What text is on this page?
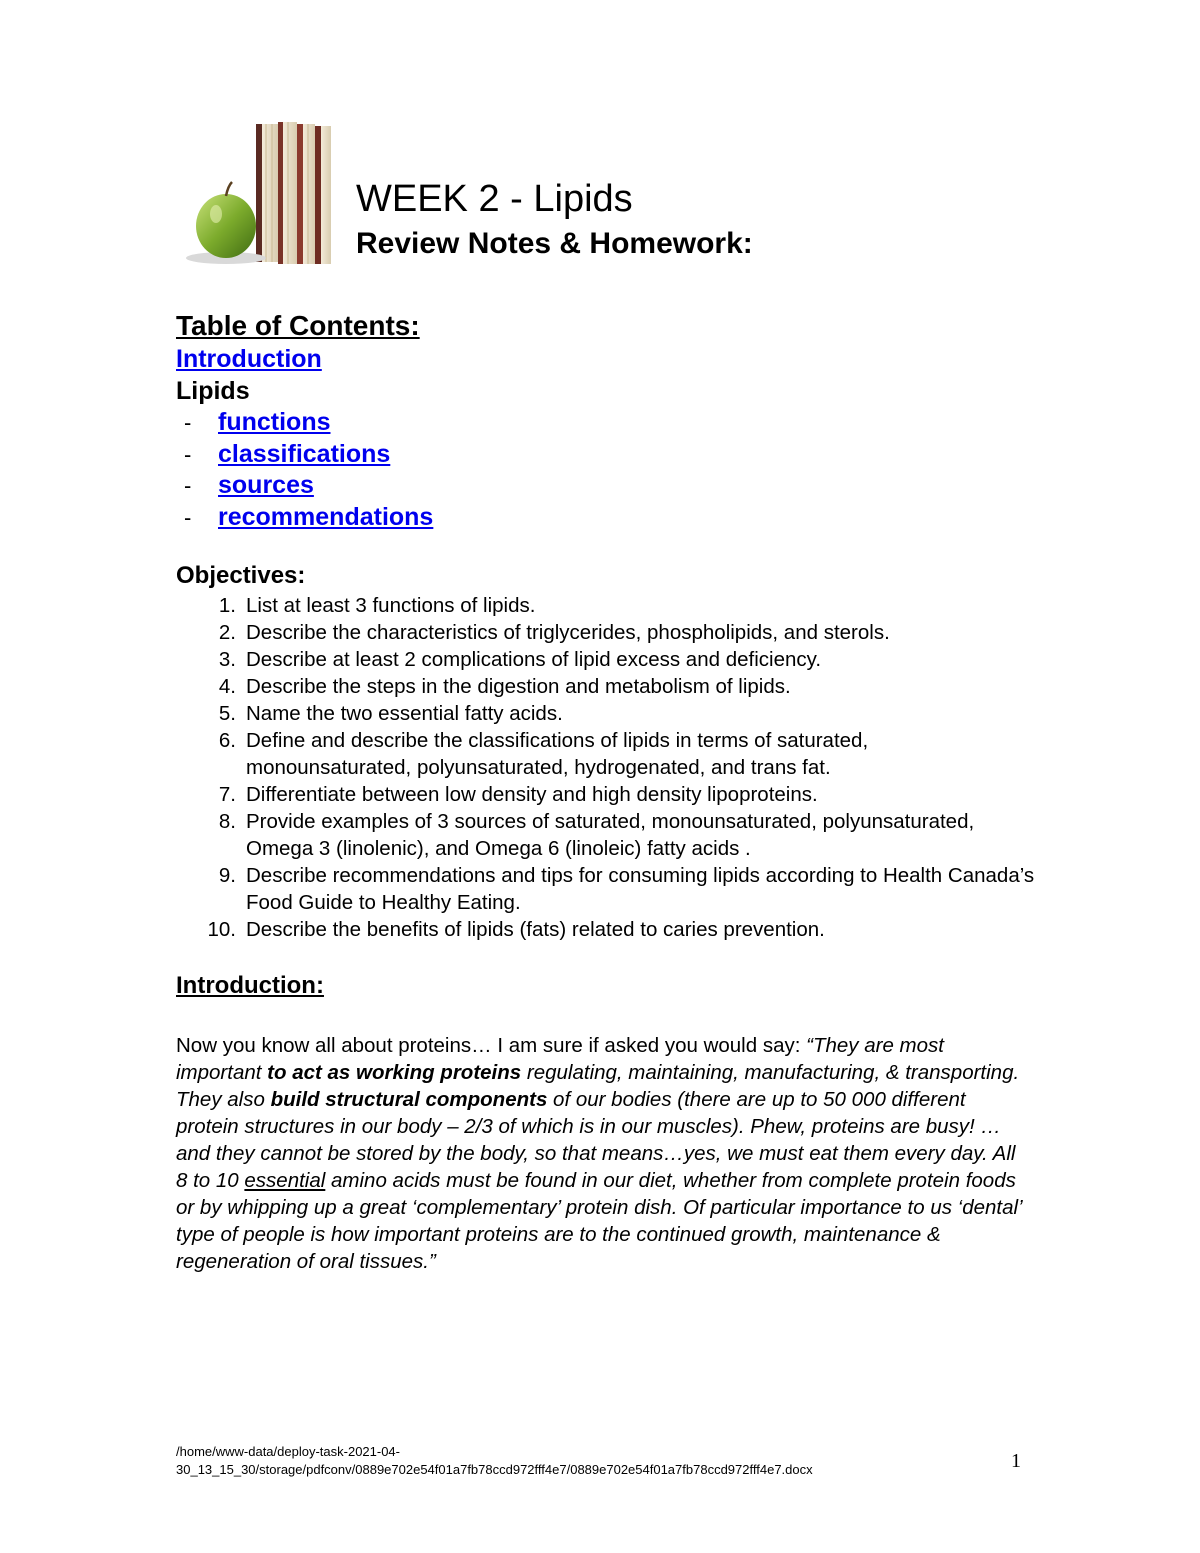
WEEK 2 - Lipids
Review Notes & Homework:
Table of Contents:
Introduction
Lipids
-	functions
-	classifications
-	sources
-	recommendations
Objectives:
1. List at least 3 functions of lipids.
2. Describe the characteristics of triglycerides, phospholipids, and sterols.
3. Describe at least 2 complications of lipid excess and deficiency.
4. Describe the steps in the digestion and metabolism of lipids.
5. Name the two essential fatty acids.
6. Define and describe the classifications of lipids in terms of saturated, monounsaturated, polyunsaturated, hydrogenated, and trans fat.
7. Differentiate between low density and high density lipoproteins.
8. Provide examples of 3 sources of saturated, monounsaturated, polyunsaturated, Omega 3 (linolenic), and Omega 6 (linoleic) fatty acids .
9. Describe recommendations and tips for consuming lipids according to Health Canada’s Food Guide to Healthy Eating.
10. Describe the benefits of lipids (fats) related to caries prevention.
Introduction:

Now you know all about proteins… I am sure if asked you would say: “They are most important to act as working proteins regulating, maintaining, manufacturing, & transporting. They also build structural components of our bodies (there are up to 50 000 different protein structures in our body – 2/3 of which is in our muscles). Phew, proteins are busy! …and they cannot be stored by the body, so that means…yes, we must eat them every day. All 8 to 10 essential amino acids must be found in our diet, whether from complete protein foods or by whipping up a great ‘complementary’ protein dish. Of particular importance to us ‘dental’ type of people is how important proteins are to the continued growth, maintenance & regeneration of oral tissues.”

/home/www-data/deploy-task-2021-04-
30_13_15_30/storage/pdfconv/0889e702e54f01a7fb78ccd972fff4e7/0889e702e54f01a7fb78ccd972fff4e7.docx	1
